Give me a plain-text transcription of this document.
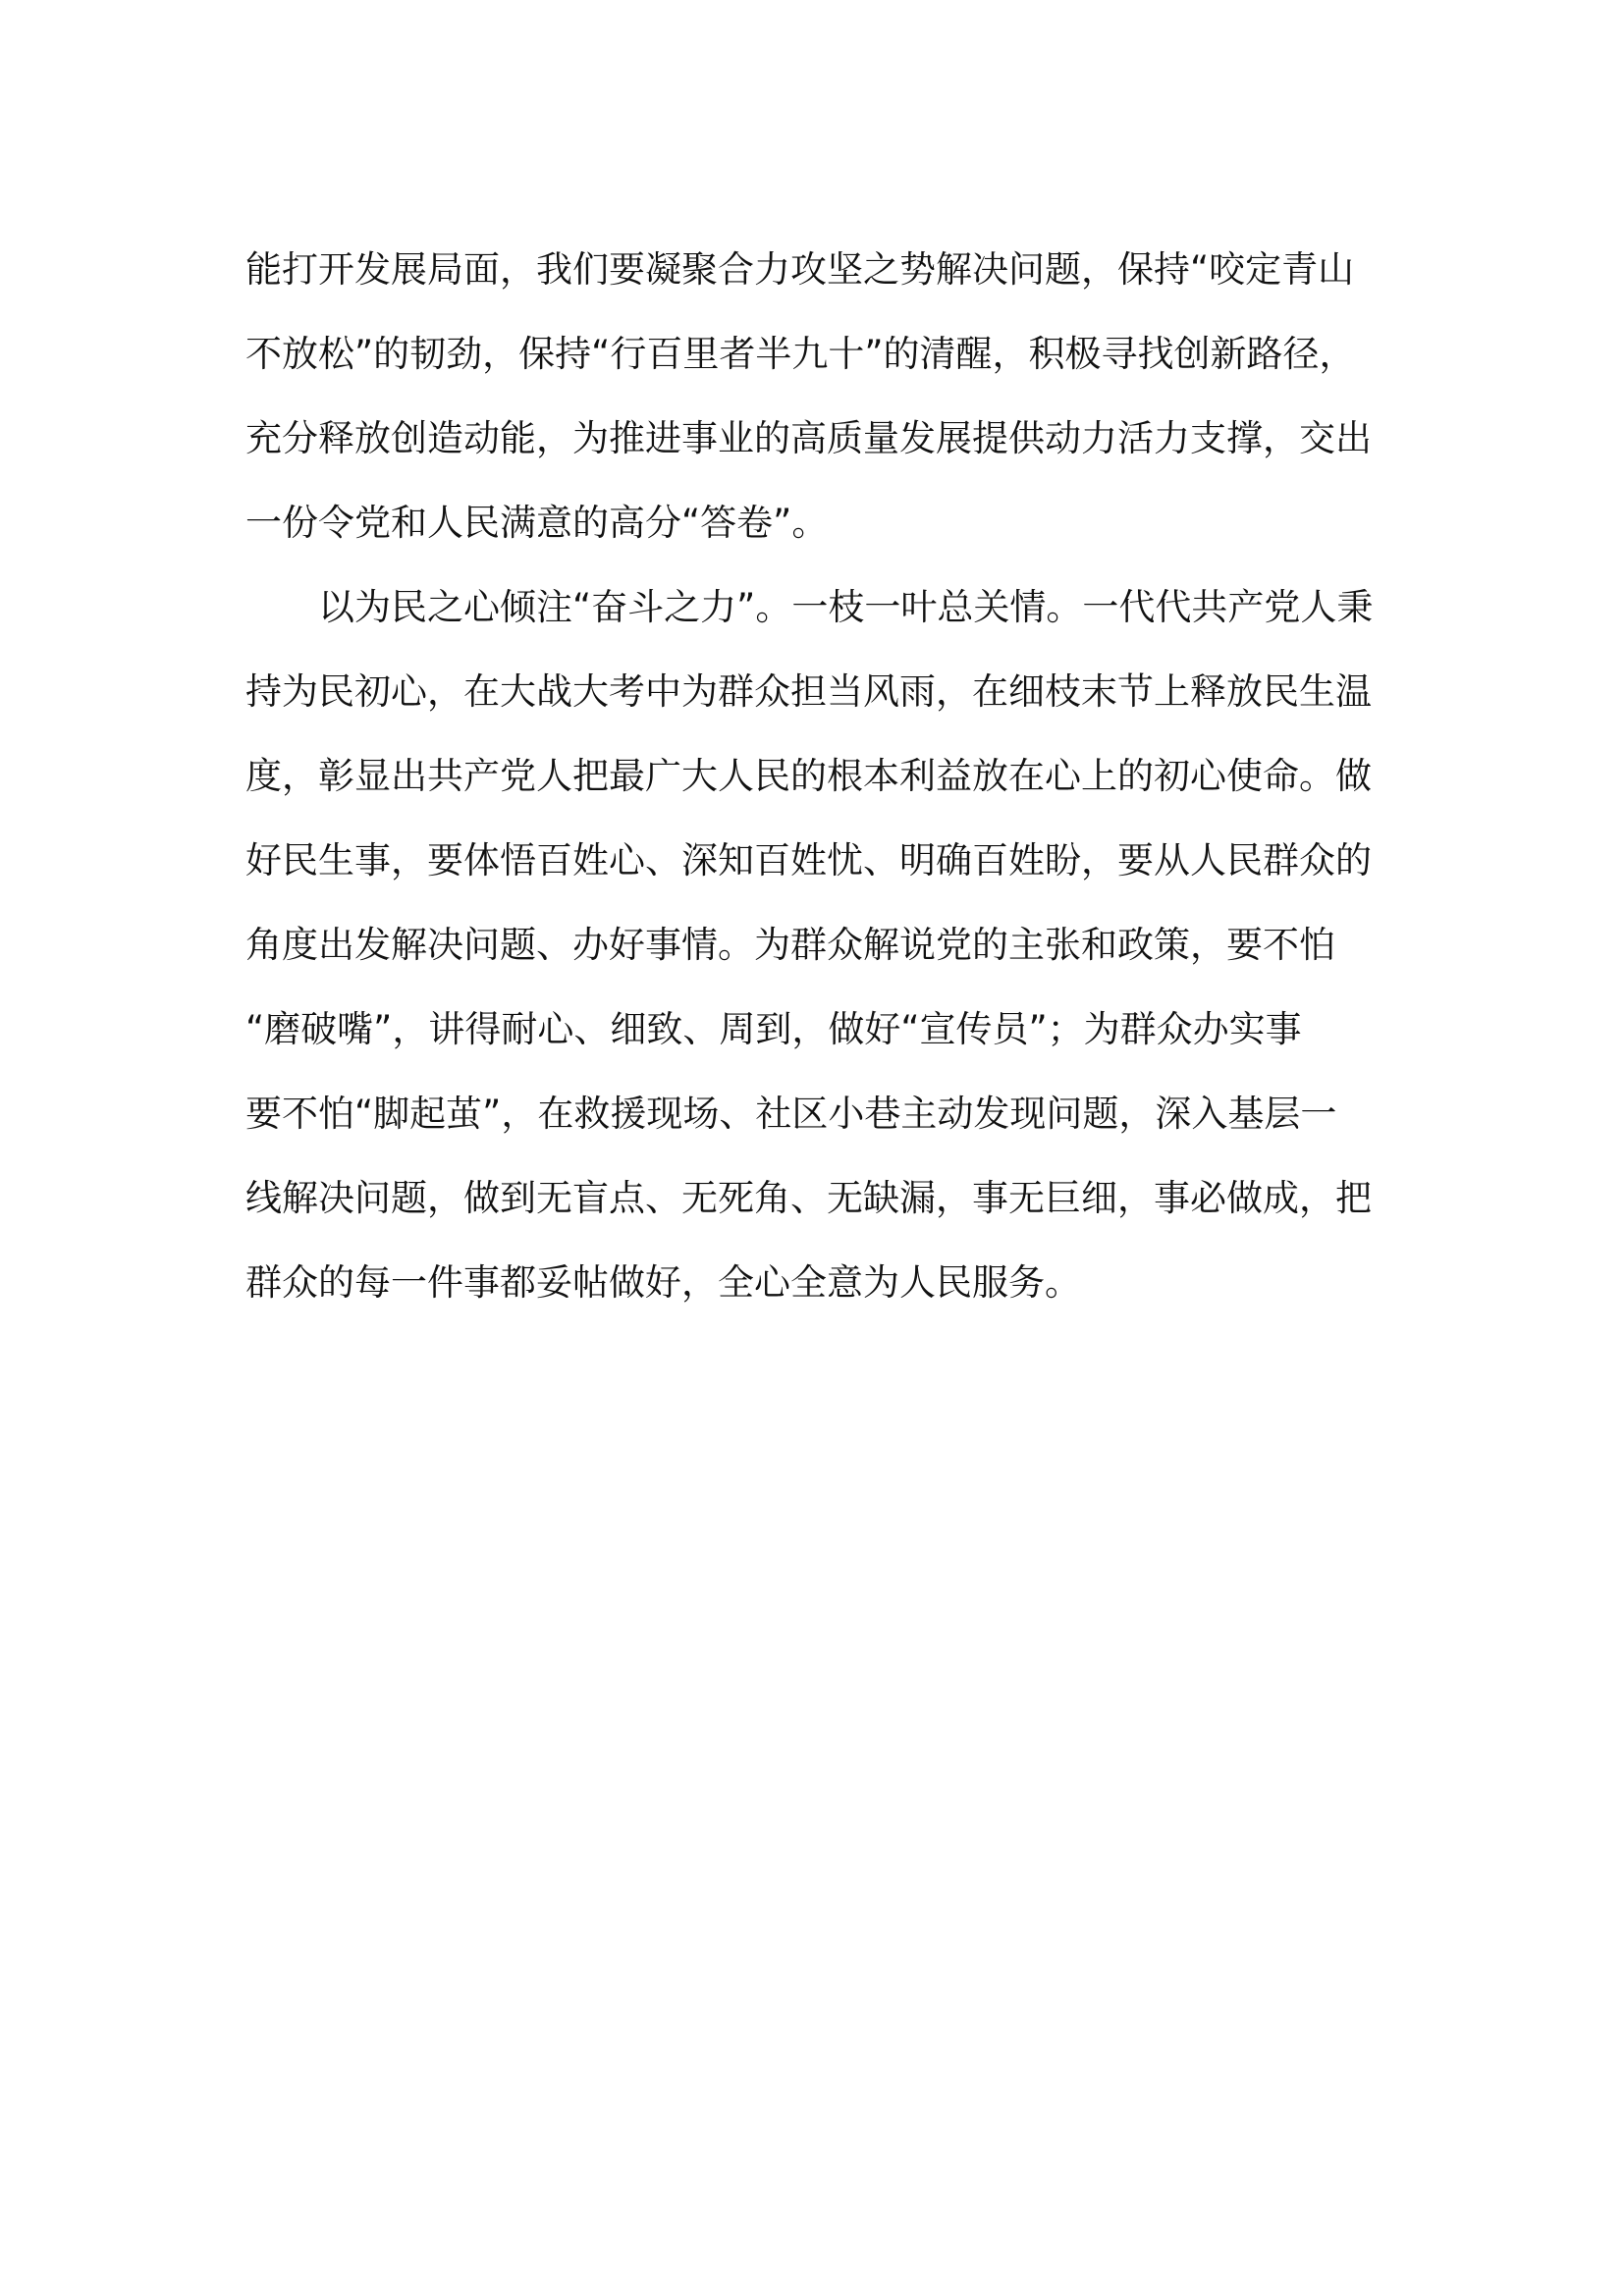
能打开发展局面，我们要凝聚合力攻坚之势解决问题，保持“咬定青山
不放松”的韧劲，保持“行百里者半九十”的清醒，积极寻找创新路径，
充分释放创造动能，为推进事业的高质量发展提供动力活力支撑，交出
一份令党和人民满意的高分“答卷”。
　　以为民之心倾注“奋斗之力”。一枝一叶总关情。一代代共产党人秉
持为民初心，在大战大考中为群众担当风雨，在细枝末节上释放民生温
度，彰显出共产党人把最广大人民的根本利益放在心上的初心使命。做
好民生事，要体悟百姓心、深知百姓忧、明确百姓盼，要从人民群众的
角度出发解决问题、办好事情。为群众解说党的主张和政策，要不怕
“磨破嘴”，讲得耐心、细致、周到，做好“宣传员”；为群众办实事
要不怕“脚起茧”，在救援现场、社区小巷主动发现问题，深入基层一
线解决问题，做到无盲点、无死角、无缺漏，事无巨细，事必做成，把
群众的每一件事都妥帖做好，全心全意为人民服务。
